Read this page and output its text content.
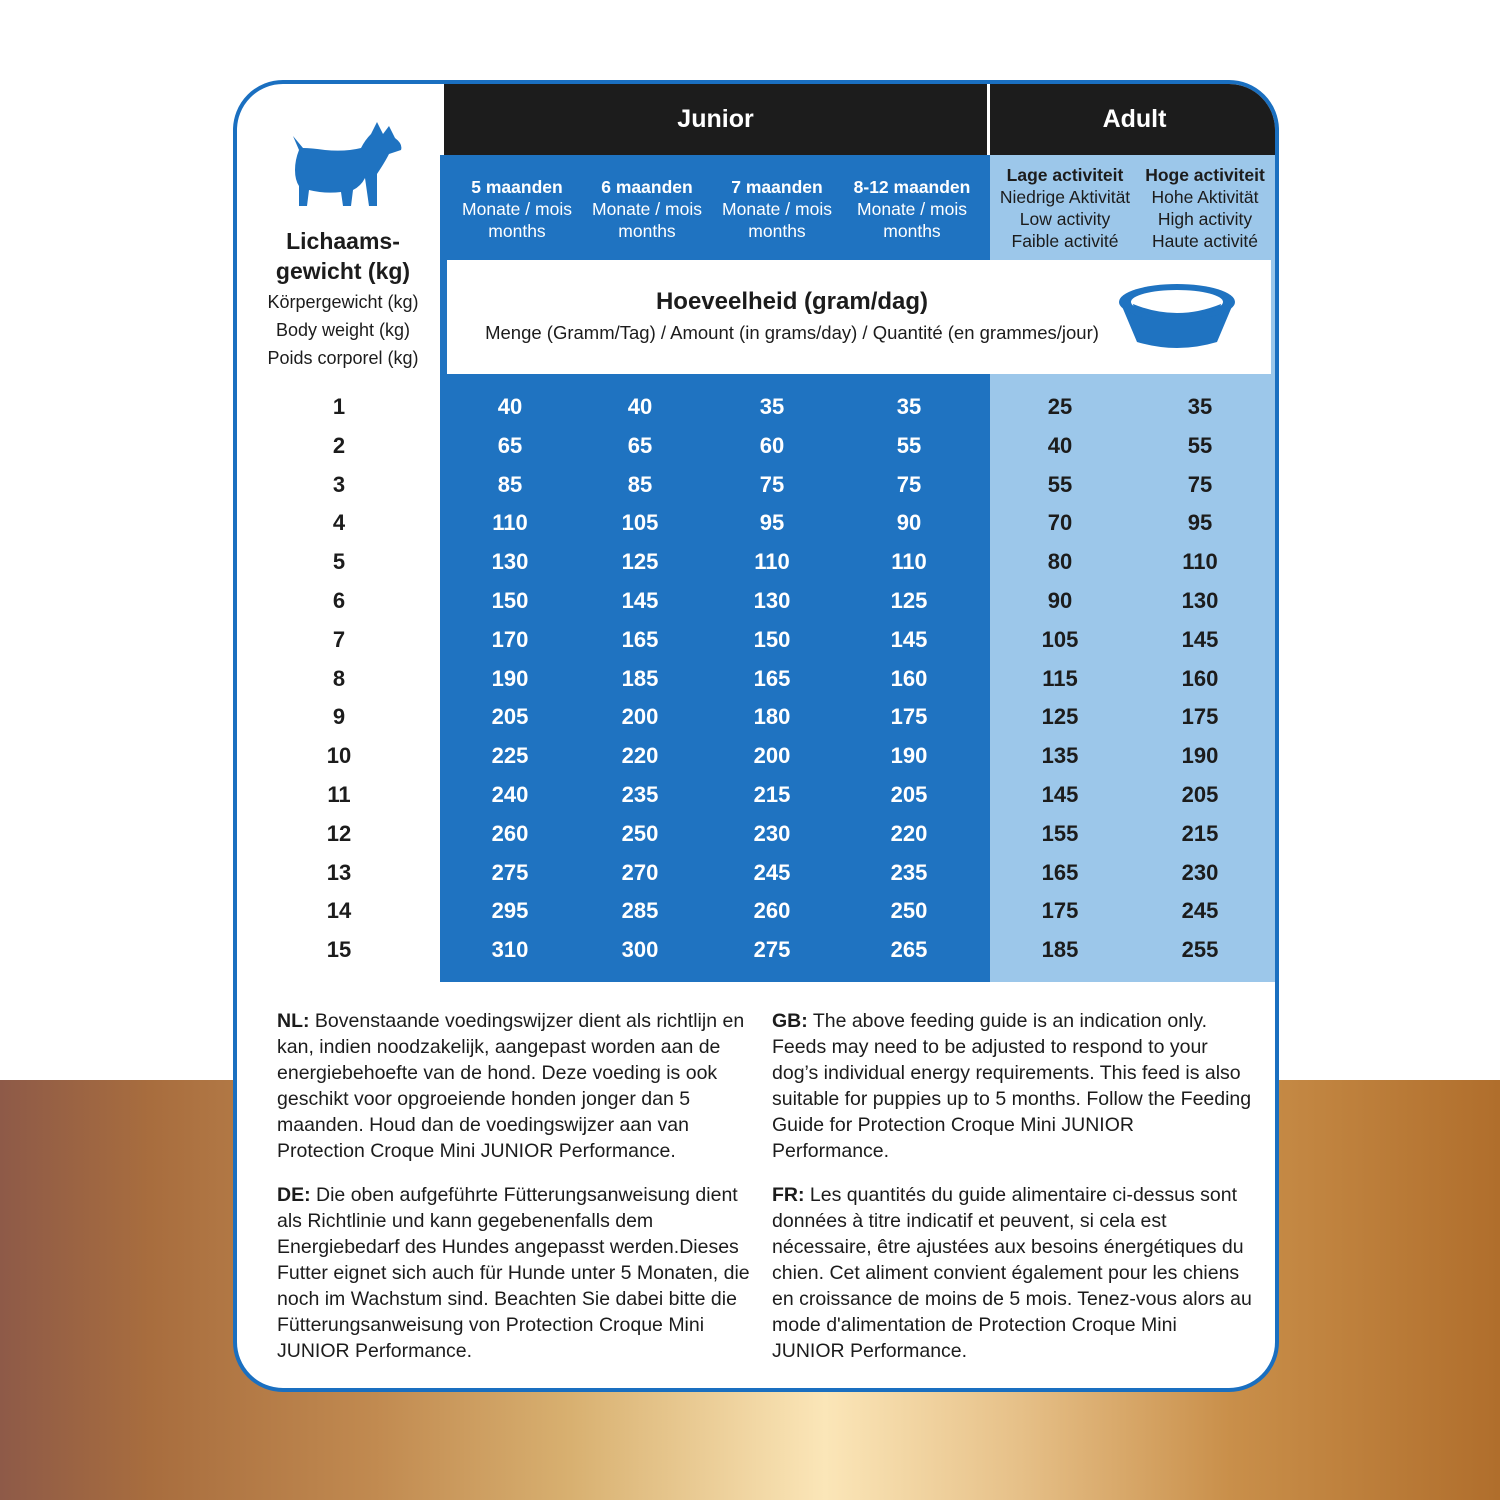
Junior	Adult
Lichaams-
gewicht (kg)
Körpergewicht (kg)
Body weight (kg)
Poids corporel (kg)
5 maanden
Monate / mois
months
6 maanden
Monate / mois
months
7 maanden
Monate / mois
months
8-12 maanden
Monate / mois
months
Lage activiteit
Niedrige Aktivität
Low activity
Faible activité
Hoge activiteit
Hohe Aktivität
High activity
Haute activité
Hoeveelheid (gram/dag)
Menge (Gramm/Tag) / Amount (in grams/day) / Quantité (en grammes/jour)
1	40	40	35	35	25	35
2	65	65	60	55	40	55
3	85	85	75	75	55	75
4	110	105	95	90	70	95
5	130	125	110	110	80	110
6	150	145	130	125	90	130
7	170	165	150	145	105	145
8	190	185	165	160	115	160
9	205	200	180	175	125	175
10	225	220	200	190	135	190
11	240	235	215	205	145	205
12	260	250	230	220	155	215
13	275	270	245	235	165	230
14	295	285	260	250	175	245
15	310	300	275	265	185	255
NL: Bovenstaande voedingswijzer dient als richtlijn en kan, indien noodzakelijk, aangepast worden aan de energiebehoefte van de hond. Deze voeding is ook geschikt voor opgroeiende honden jonger dan 5 maanden. Houd dan de voedingswijzer aan van Protection Croque Mini JUNIOR Performance.
GB: The above feeding guide is an indication only. Feeds may need to be adjusted to respond to your dog’s individual energy requirements. This feed is also suitable for puppies up to 5 months. Follow the Feeding Guide for Protection Croque Mini JUNIOR Performance.
DE: Die oben aufgeführte Fütterungsanweisung dient als Richtlinie und kann gegebenenfalls dem Energiebedarf des Hundes angepasst werden.Dieses Futter eignet sich auch für Hunde unter 5 Monaten, die noch im Wachstum sind. Beachten Sie dabei bitte die Fütterungsanweisung von Protection Croque Mini JUNIOR Performance.
FR: Les quantités du guide alimentaire ci-dessus sont données à titre indicatif et peuvent, si cela est nécessaire, être ajustées aux besoins énergétiques du chien. Cet aliment convient également pour les chiens en croissance de moins de 5 mois. Tenez-vous alors au mode d'alimentation de Protection Croque Mini JUNIOR Performance.
